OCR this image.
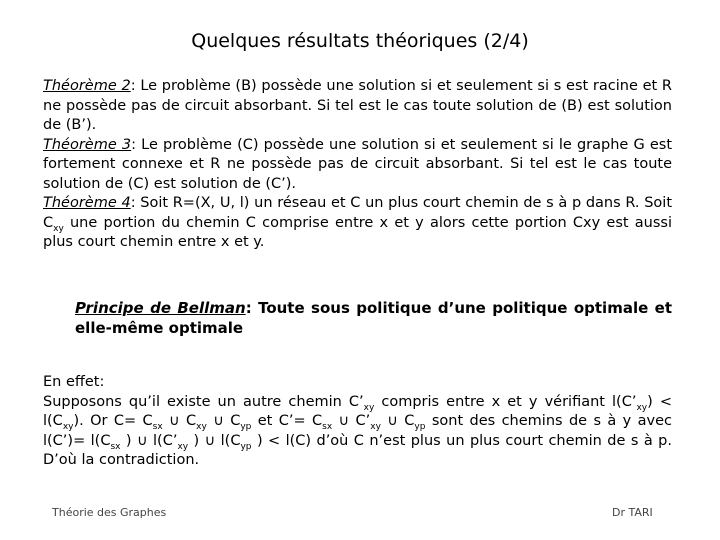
Quelques résultats théoriques (2/4)
Théorème 2: Le problème (B) possède une solution si et seulement si s est racine et R ne possède pas de circuit absorbant. Si tel est le cas toute solution de (B) est solution de (B’).
Théorème 3: Le problème (C) possède une solution si et seulement si le graphe G est fortement connexe et R ne possède pas de circuit absorbant. Si tel est le cas toute solution de (C) est solution de (C’).
Théorème 4: Soit R=(X, U, l) un réseau et C un plus court chemin de s à p dans R. Soit $C_{xy}$ une portion du chemin C comprise entre x et y alors cette portion Cxy est aussi plus court chemin entre x et y.
Principe de Bellman: Toute sous politique d’une politique optimale et elle-même optimale
En effet:
Supposons qu’il existe un autre chemin $C’_{xy}$ compris entre x et y vérifiant $l(C’_{xy}) < l(C_{xy})$. Or $C= C_{sx}$ ∪ $C_{xy}$ ∪ $C_{yp}$ et C’= $C_{sx}$ ∪ $C’_{xy}$ ∪ $C_{yp}$ sont des chemins de s à y avec l(C’)= $l(C_{sx}$ ) ∪ $l(C’_{xy}$ ) ∪ $l(C_{yp}$ ) < l(C) d’où C n’est plus un plus court chemin de s à p. D’où la contradiction.
Théorie des Graphes	Dr TARI
